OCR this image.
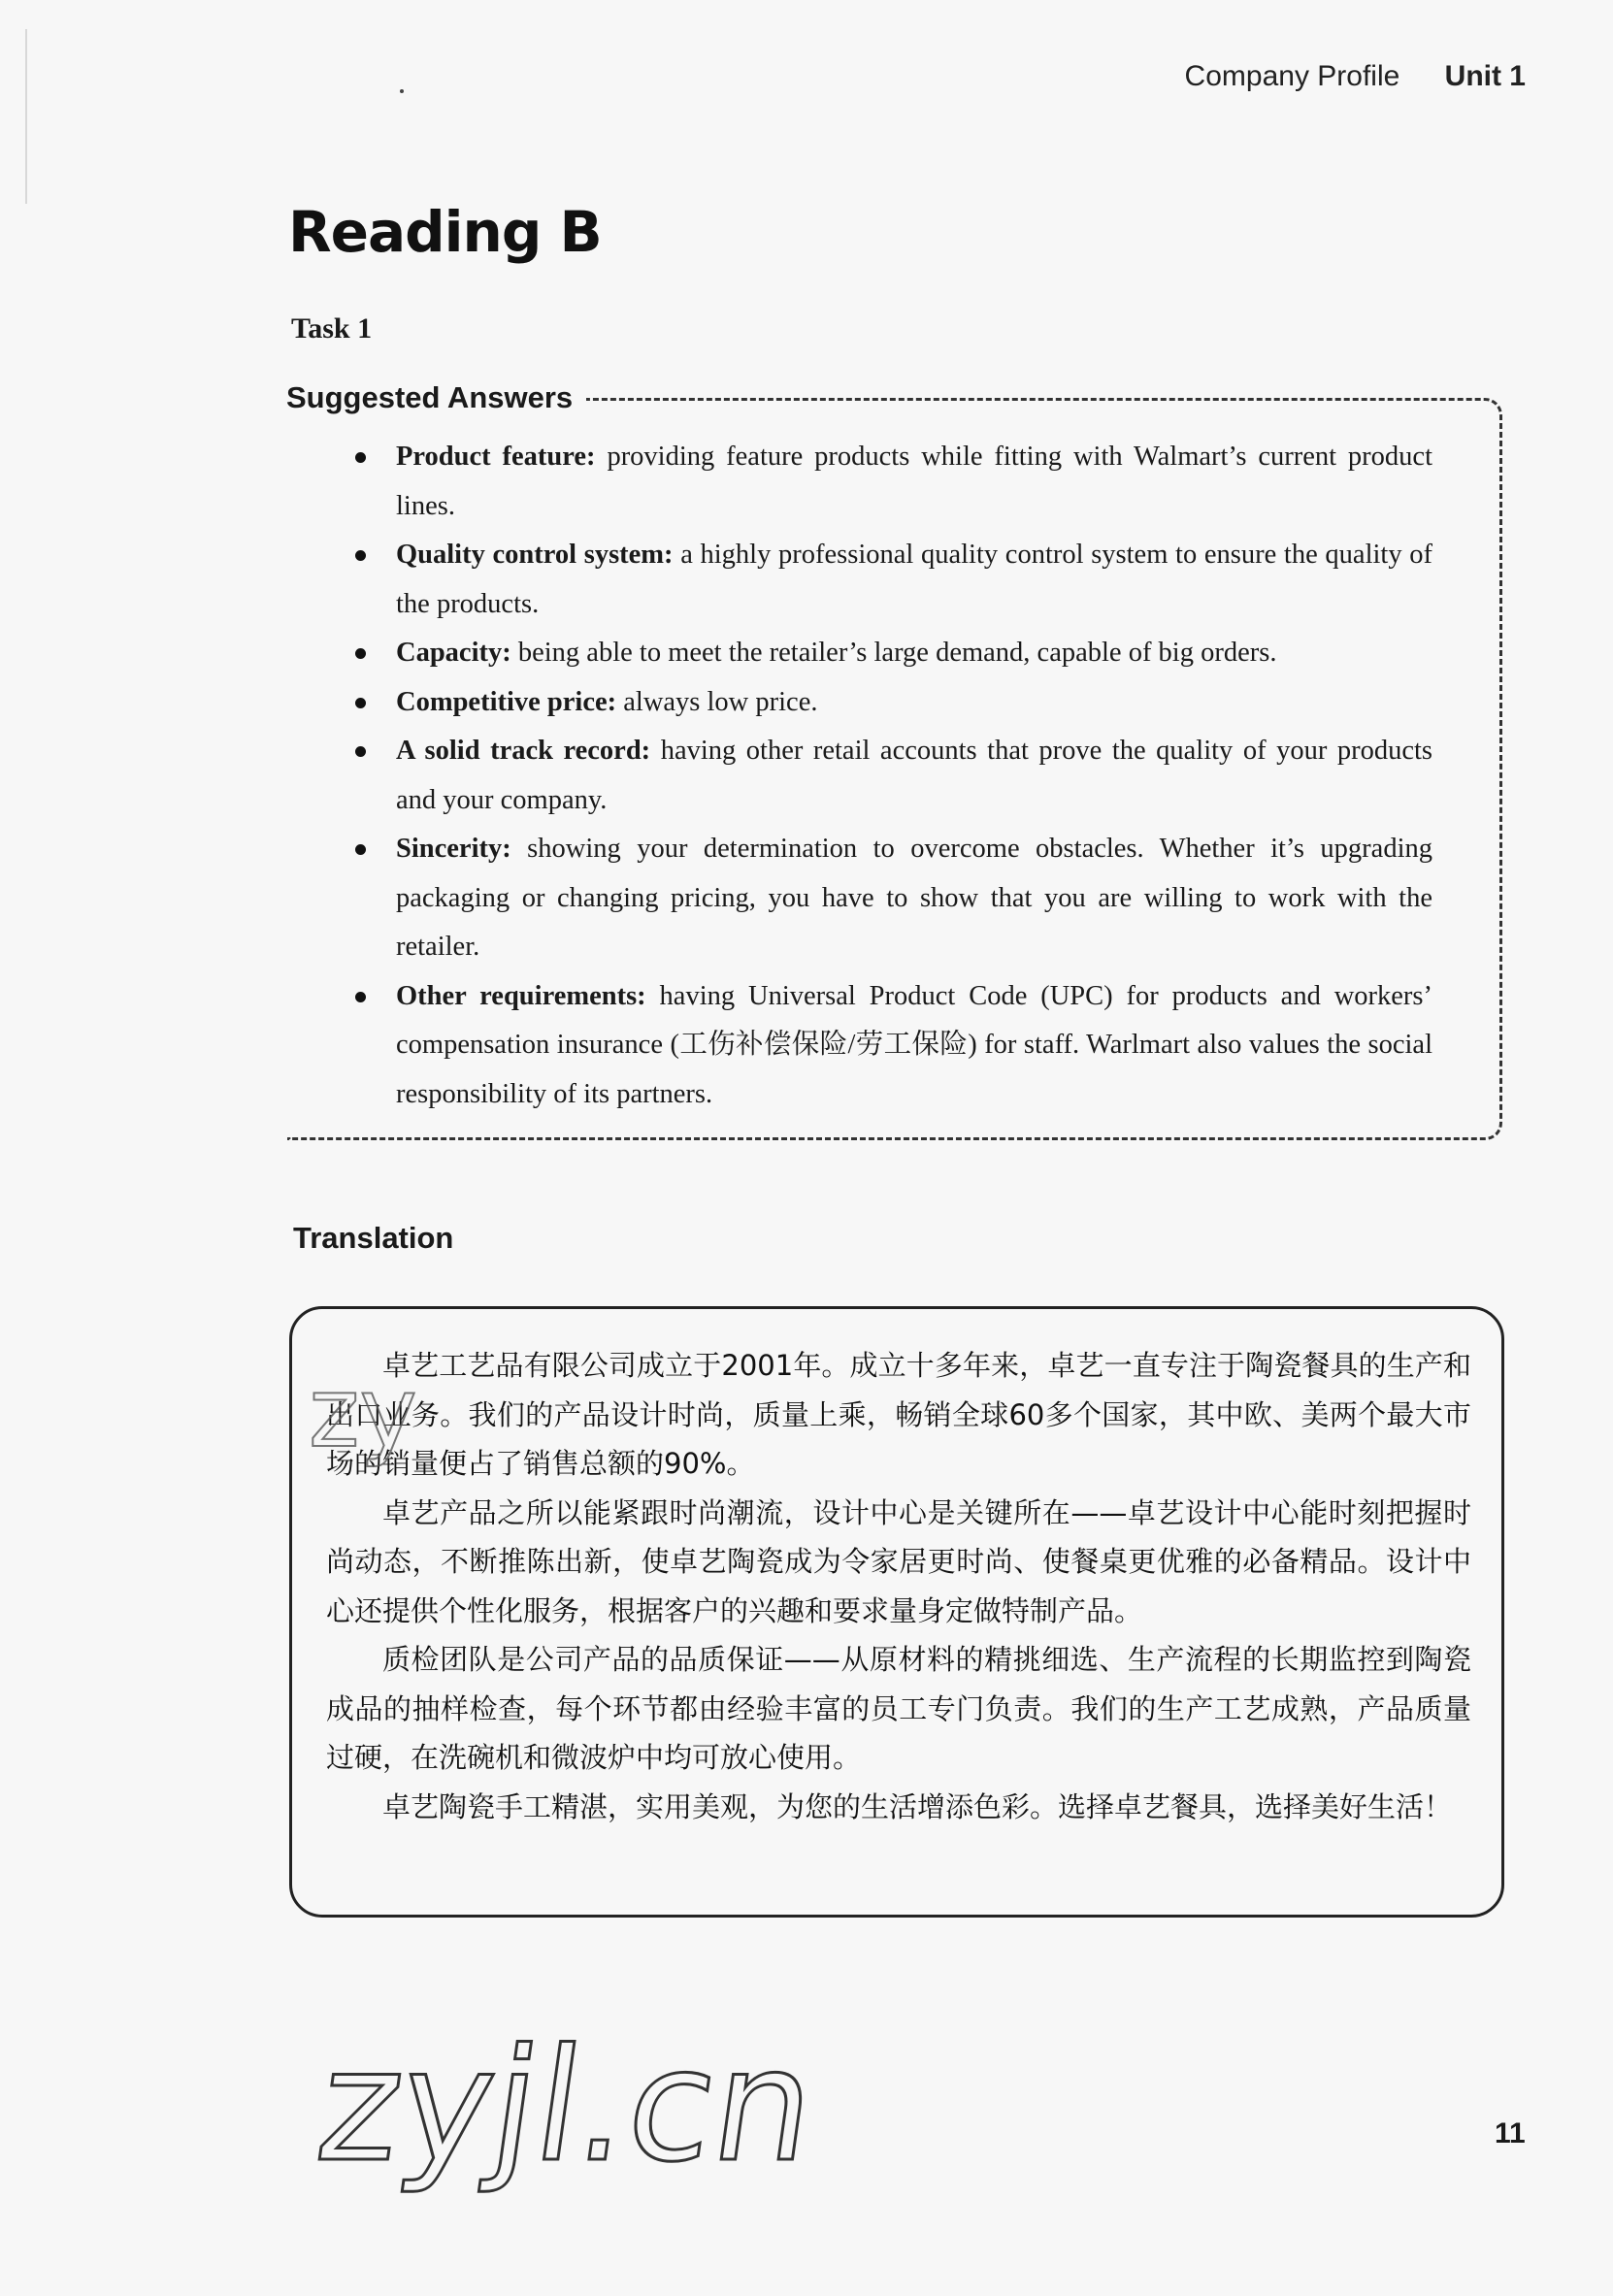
Company Profile Unit 1
Reading B
Task 1
Suggested Answers
Product feature: providing feature products while fitting with Walmart’s current product lines.
Quality control system: a highly professional quality control system to ensure the quality of the products.
Capacity: being able to meet the retailer’s large demand, capable of big orders.
Competitive price: always low price.
A solid track record: having other retail accounts that prove the quality of your products and your company.
Sincerity: showing your determination to overcome obstacles. Whether it’s upgrading packaging or changing pricing, you have to show that you are willing to work with the retailer.
Other requirements: having Universal Product Code (UPC) for products and workers’ compensation insurance (工伤补偿保险/劳工保险) for staff. Warlmart also values the social responsibility of its partners.
Translation

卓艺工艺品有限公司成立于2001年。成立十多年来，卓艺一直专注于陶瓷餐具的生产和出口业务。我们的产品设计时尚，质量上乘，畅销全球60多个国家，其中欧、美两个最大市场的销量便占了销售总额的90%。

卓艺产品之所以能紧跟时尚潮流，设计中心是关键所在——卓艺设计中心能时刻把握时尚动态，不断推陈出新，使卓艺陶瓷成为令家居更时尚、使餐桌更优雅的必备精品。设计中心还提供个性化服务，根据客户的兴趣和要求量身定做特制产品。

质检团队是公司产品的品质保证——从原材料的精挑细选、生产流程的长期监控到陶瓷成品的抽样检查，每个环节都由经验丰富的员工专门负责。我们的生产工艺成熟，产品质量过硬，在洗碗机和微波炉中均可放心使用。

卓艺陶瓷手工精湛，实用美观，为您的生活增添色彩。选择卓艺餐具，选择美好生活！

zy
zyjl.cn	11
